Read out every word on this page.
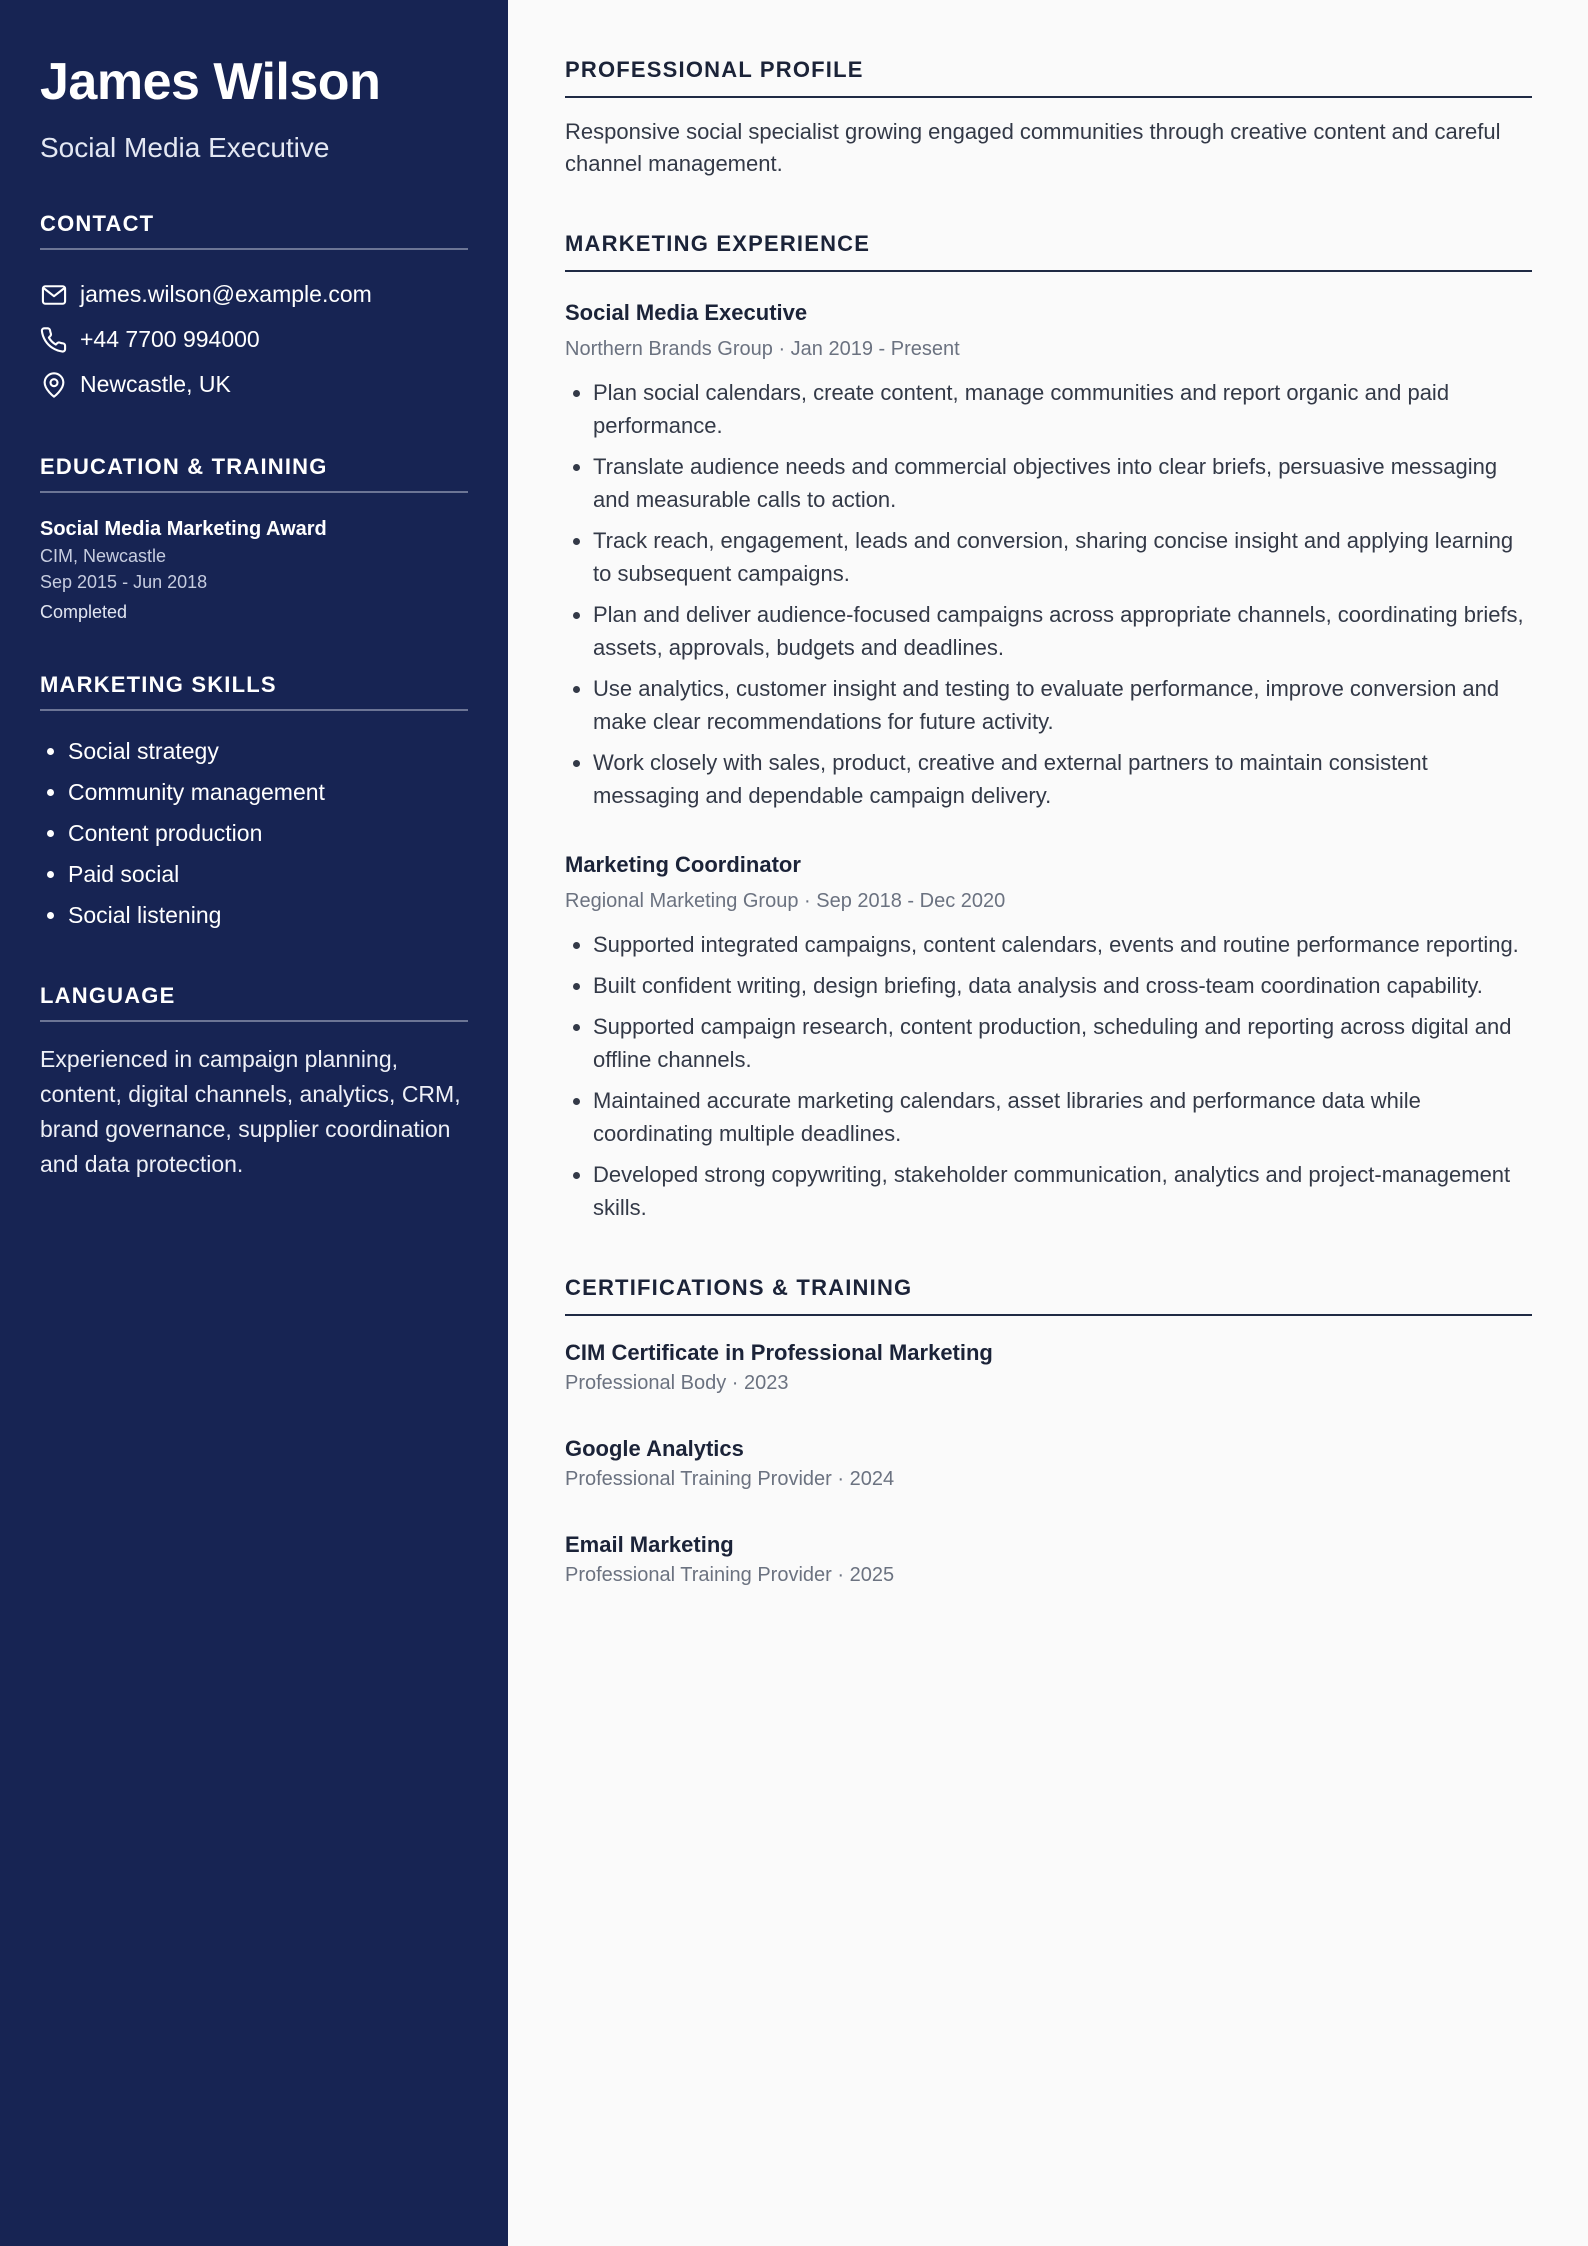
James Wilson
Social Media Executive
CONTACT
james.wilson@example.com
+44 7700 994000
Newcastle, UK
EDUCATION & TRAINING
Social Media Marketing Award
CIM, Newcastle
Sep 2015 - Jun 2018
Completed
MARKETING SKILLS
• Social strategy
• Community management
• Content production
• Paid social
• Social listening
LANGUAGE

Experienced in campaign planning, content, digital channels, analytics, CRM, brand governance, supplier coordination and data protection.

PROFESSIONAL PROFILE

Responsive social specialist growing engaged communities through creative content and careful channel management.

MARKETING EXPERIENCE
Social Media Executive
Northern Brands Group · Jan 2019 - Present
• Plan social calendars, create content, manage communities and report organic and paid performance.
• Translate audience needs and commercial objectives into clear briefs, persuasive messaging and measurable calls to action.
• Track reach, engagement, leads and conversion, sharing concise insight and applying learning to subsequent campaigns.
• Plan and deliver audience-focused campaigns across appropriate channels, coordinating briefs, assets, approvals, budgets and deadlines.
• Use analytics, customer insight and testing to evaluate performance, improve conversion and make clear recommendations for future activity.
• Work closely with sales, product, creative and external partners to maintain consistent messaging and dependable campaign delivery.
Marketing Coordinator
Regional Marketing Group · Sep 2018 - Dec 2020
• Supported integrated campaigns, content calendars, events and routine performance reporting.
• Built confident writing, design briefing, data analysis and cross-team coordination capability.
• Supported campaign research, content production, scheduling and reporting across digital and offline channels.
• Maintained accurate marketing calendars, asset libraries and performance data while coordinating multiple deadlines.
• Developed strong copywriting, stakeholder communication, analytics and project-management skills.
CERTIFICATIONS & TRAINING
CIM Certificate in Professional Marketing
Professional Body · 2023
Google Analytics
Professional Training Provider · 2024
Email Marketing
Professional Training Provider · 2025
